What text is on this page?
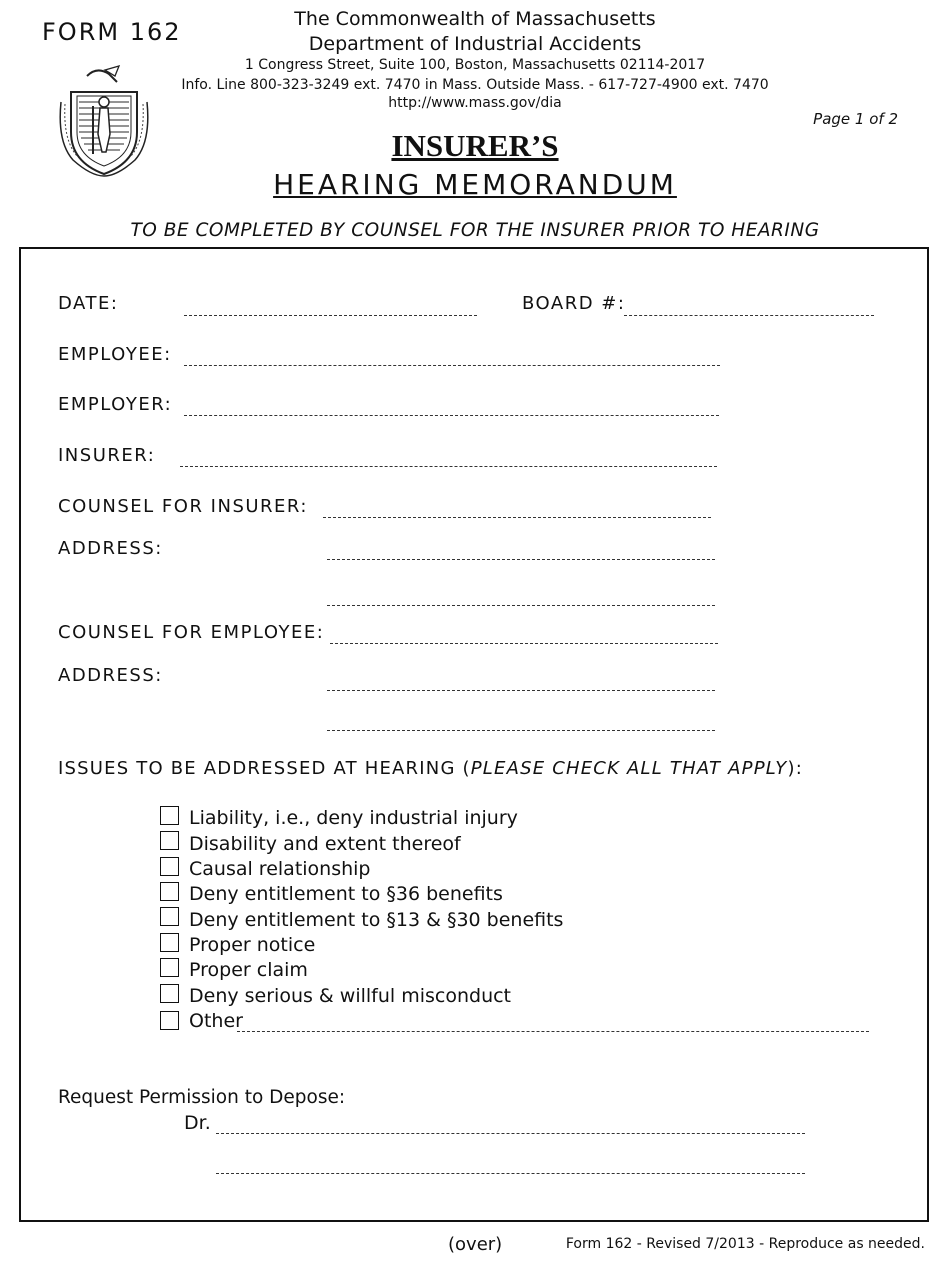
FORM 162	The Commonwealth of Massachusetts
Department of Industrial Accidents
1 Congress Street, Suite 100, Boston, Massachusetts 02114-2017
Info. Line 800-323-3249 ext. 7470 in Mass. Outside Mass. - 617-727-4900 ext. 7470
http://www.mass.gov/dia
Page 1 of 2
INSURER’S
HEARING MEMORANDUM
TO BE COMPLETED BY COUNSEL FOR THE INSURER PRIOR TO HEARING
DATE:	BOARD #:
EMPLOYEE:
EMPLOYER:
INSURER:
COUNSEL FOR INSURER:
ADDRESS:
COUNSEL FOR EMPLOYEE:
ADDRESS:
ISSUES TO BE ADDRESSED AT HEARING (PLEASE CHECK ALL THAT APPLY):
Liability, i.e., deny industrial injury
Disability and extent thereof
Causal relationship
Deny entitlement to §36 benefits
Deny entitlement to §13 & §30 benefits
Proper notice
Proper claim
Deny serious & willful misconduct
Other
Request Permission to Depose:
Dr.
(over)	Form 162 - Revised 7/2013 - Reproduce as needed.
